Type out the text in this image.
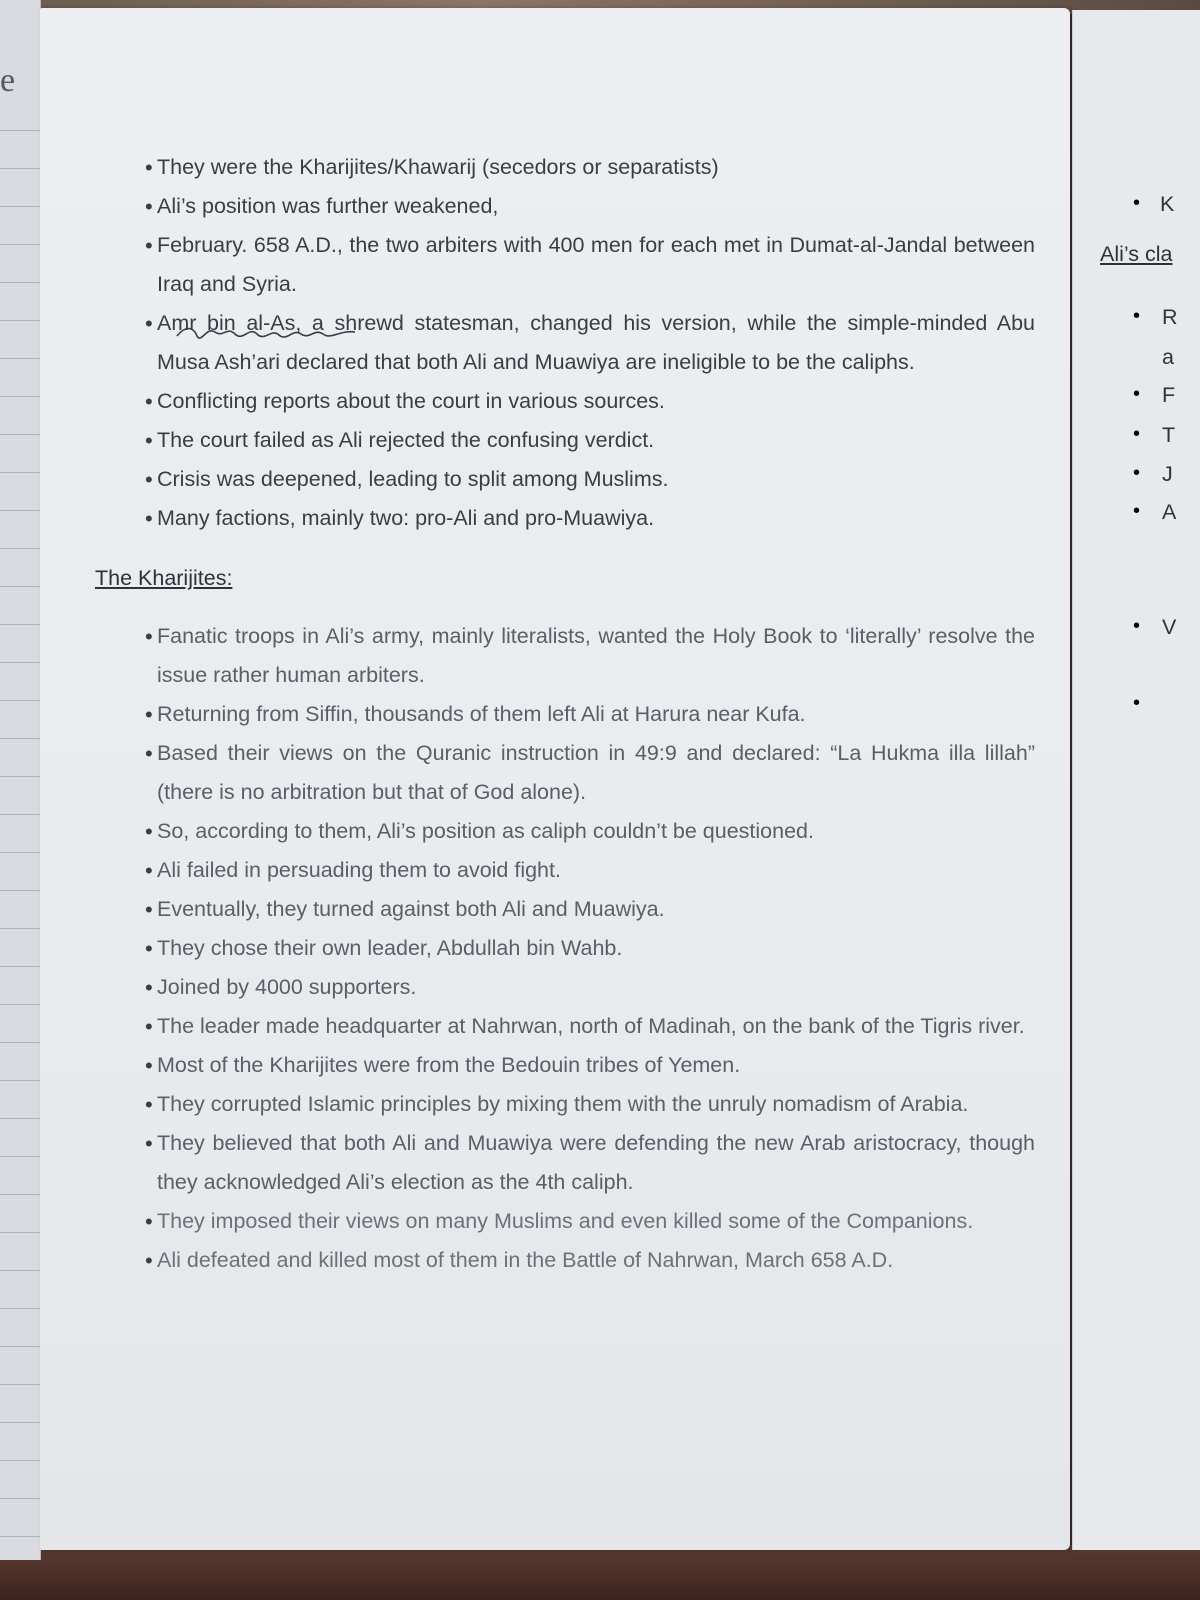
e
• They were the Kharijites/Khawarij (secedors or separatists)
• Ali’s position was further weakened,
• February. 658 A.D., the two arbiters with 400 men for each met in Dumat-al-Jandal between Iraq and Syria.
• Amr bin al-As, a shrewd statesman, changed his version, while the simple-minded Abu Musa Ash’ari declared that both Ali and Muawiya are ineligible to be the caliphs.
• Conflicting reports about the court in various sources.
• The court failed as Ali rejected the confusing verdict.
• Crisis was deepened, leading to split among Muslims.
• Many factions, mainly two: pro-Ali and pro-Muawiya.
The Kharijites:
• Fanatic troops in Ali’s army, mainly literalists, wanted the Holy Book to ‘literally’ resolve the issue rather human arbiters.
• Returning from Siffin, thousands of them left Ali at Harura near Kufa.
• Based their views on the Quranic instruction in 49:9 and declared: “La Hukma illa lillah” (there is no arbitration but that of God alone).
• So, according to them, Ali’s position as caliph couldn’t be questioned.
• Ali failed in persuading them to avoid fight.
• Eventually, they turned against both Ali and Muawiya.
• They chose their own leader, Abdullah bin Wahb.
• Joined by 4000 supporters.
• The leader made headquarter at Nahrwan, north of Madinah, on the bank of the Tigris river.
• Most of the Kharijites were from the Bedouin tribes of Yemen.
• They corrupted Islamic principles by mixing them with the unruly nomadism of Arabia.
• They believed that both Ali and Muawiya were defending the new Arab aristocracy, though they acknowledged Ali’s election as the 4th caliph.
• They imposed their views on many Muslims and even killed some of the Companions.
• Ali defeated and killed most of them in the Battle of Nahrwan, March 658 A.D.
Ali’s cla
K
R
a
F
T
J
A
V
•
•
•
•
•
•
•
•
